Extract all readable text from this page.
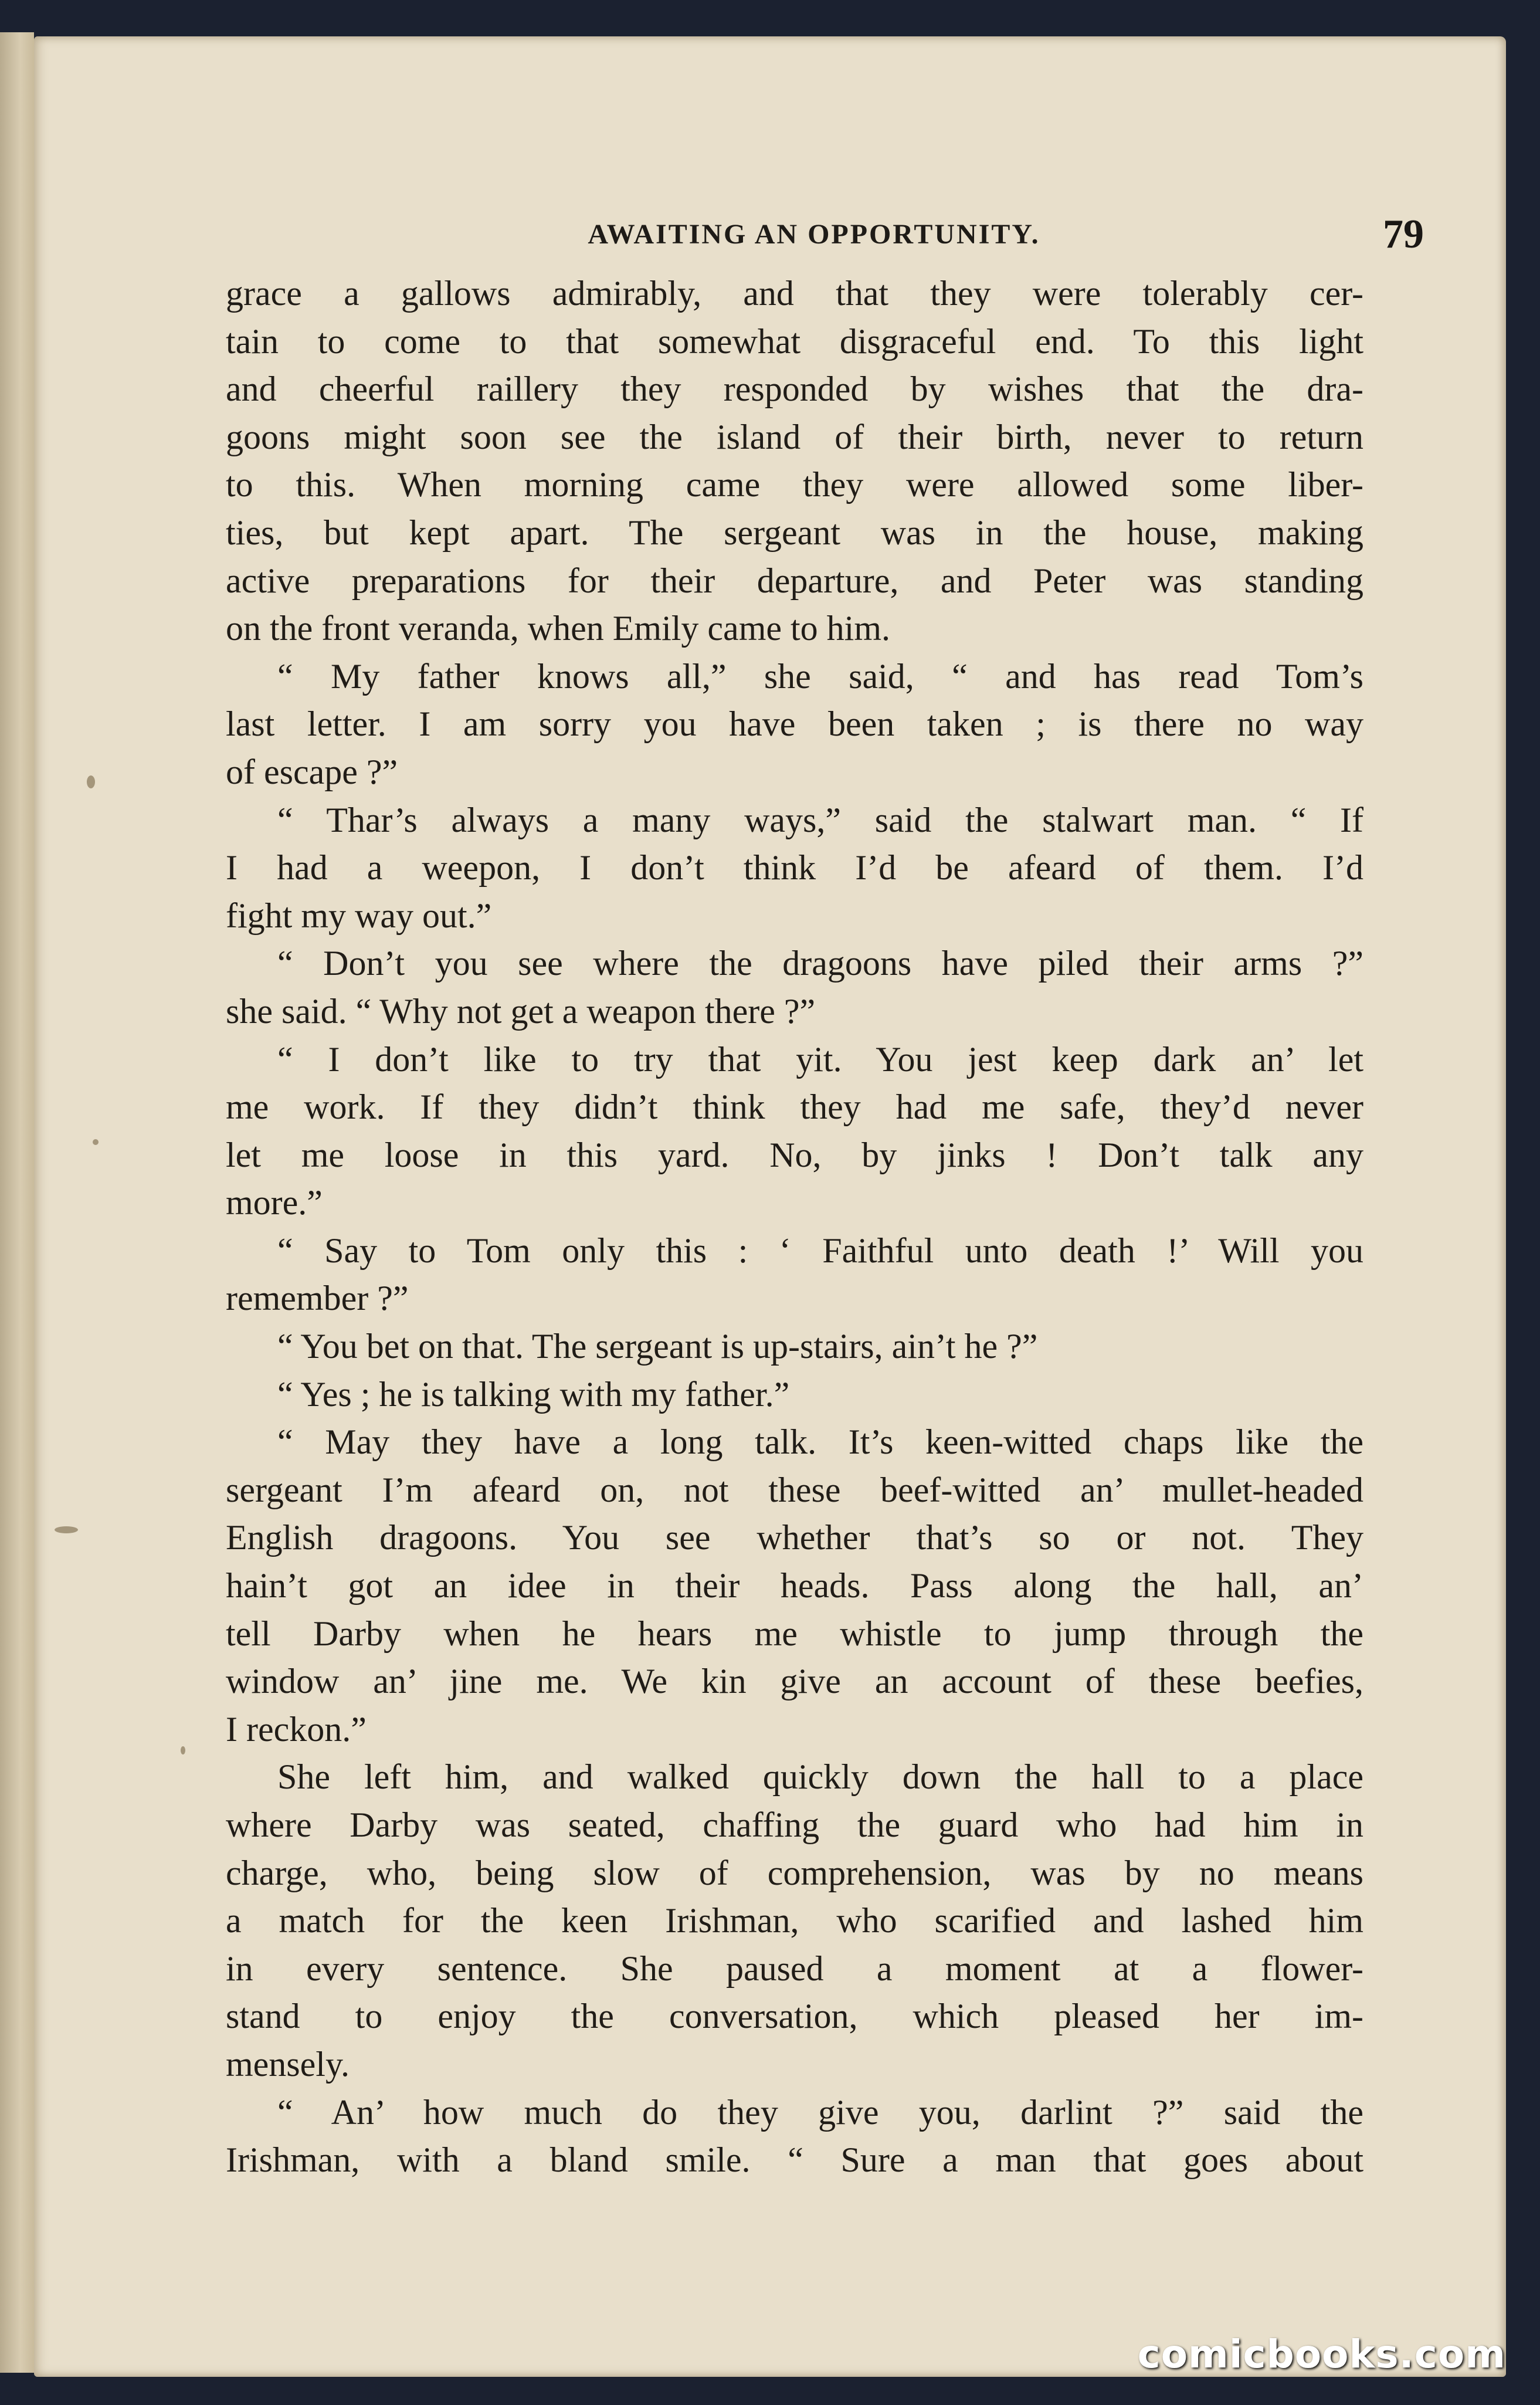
AWAITING AN OPPORTUNITY.	79
grace a gallows admirably, and that they were tolerably cer-
tain to come to that somewhat disgraceful end. To this light
and cheerful raillery they responded by wishes that the dra-
goons might soon see the island of their birth, never to return
to this. When morning came they were allowed some liber-
ties, but kept apart. The sergeant was in the house, making
active preparations for their departure, and Peter was standing
on the front veranda, when Emily came to him.
“ My father knows all,” she said, “ and has read Tom’s
last letter. I am sorry you have been taken ; is there no way
of escape ?”
“ Thar’s always a many ways,” said the stalwart man. “ If
I had a weepon, I don’t think I’d be afeard of them. I’d
fight my way out.”
“ Don’t you see where the dragoons have piled their arms ?”
she said. “ Why not get a weapon there ?”
“ I don’t like to try that yit. You jest keep dark an’ let
me work. If they didn’t think they had me safe, they’d never
let me loose in this yard. No, by jinks ! Don’t talk any
more.”
“ Say to Tom only this : ‘ Faithful unto death !’ Will you
remember ?”
“ You bet on that. The sergeant is up-stairs, ain’t he ?”
“ Yes ; he is talking with my father.”
“ May they have a long talk. It’s keen-witted chaps like the
sergeant I’m afeard on, not these beef-witted an’ mullet-headed
English dragoons. You see whether that’s so or not. They
hain’t got an idee in their heads. Pass along the hall, an’
tell Darby when he hears me whistle to jump through the
window an’ jine me. We kin give an account of these beefies,
I reckon.”
She left him, and walked quickly down the hall to a place
where Darby was seated, chaffing the guard who had him in
charge, who, being slow of comprehension, was by no means
a match for the keen Irishman, who scarified and lashed him
in every sentence. She paused a moment at a flower-
stand to enjoy the conversation, which pleased her im-
mensely.
“ An’ how much do they give you, darlint ?” said the
Irishman, with a bland smile. “ Sure a man that goes about
comicbooks.com
